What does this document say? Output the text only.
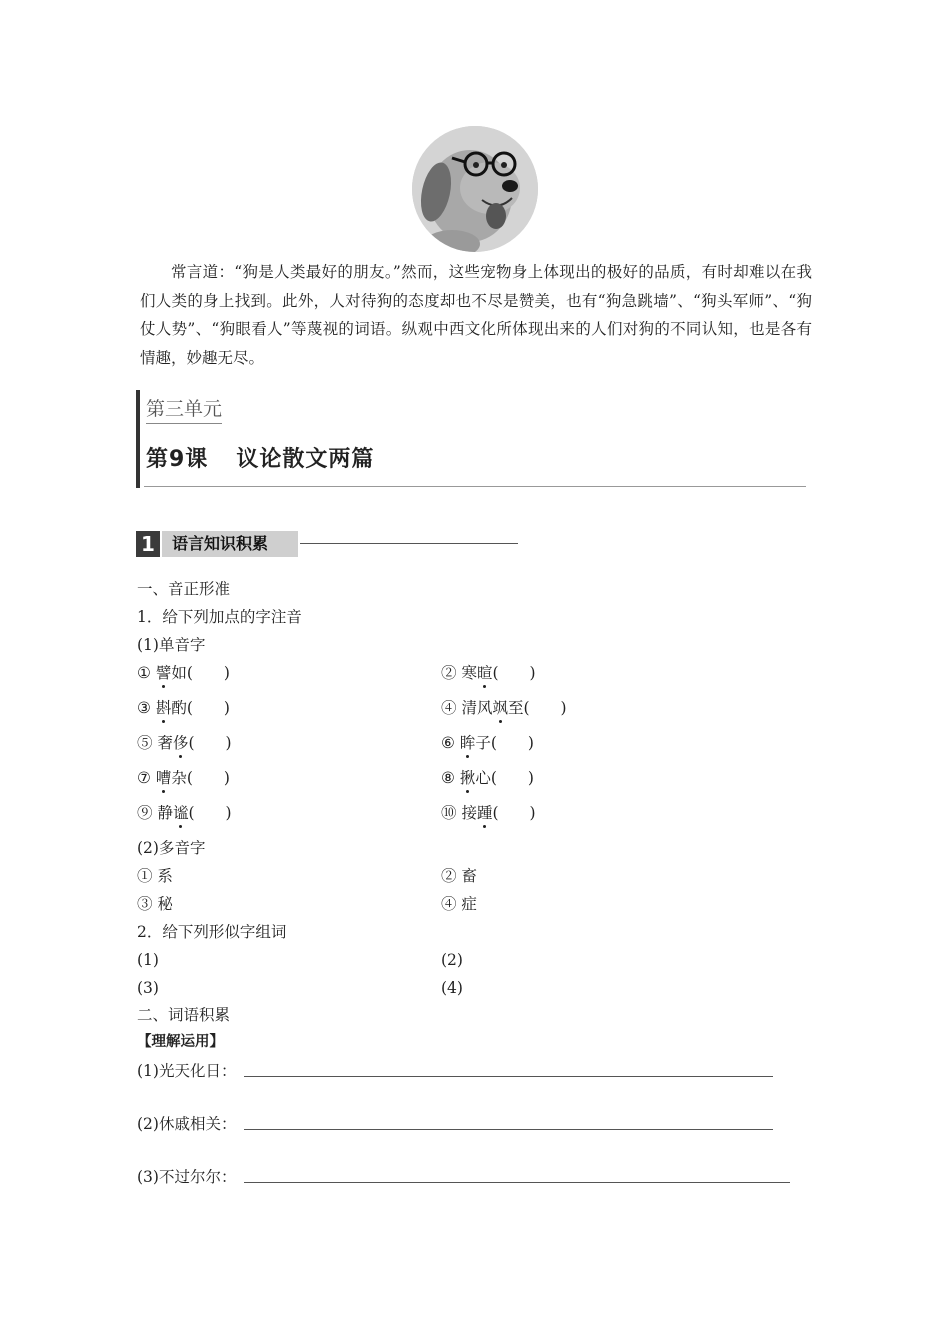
常言道：“狗是人类最好的朋友。”然而，这些宠物身上体现出的极好的品质，有时却难以在我们人类的身上找到。此外，人对待狗的态度却也不尽是赞美，也有“狗急跳墙”、“狗头军师”、“狗仗人势”、“狗眼看人”等蔑视的词语。纵观中西文化所体现出来的人们对狗的不同认知，也是各有情趣，妙趣无尽。

第三单元
第9课 议论散文两篇
1	语言知识积累
一、音正形准
1．给下列加点的字注音
(1)单音字
① 譬如(　　)	② 寒暄(　　)
③ 斟酌(　　)	④ 清风飒至(　　)
⑤ 奢侈(　　)	⑥ 眸子(　　)
⑦ 嘈杂(　　)	⑧ 揪心(　　)
⑨ 静谧(　　)	⑩ 接踵(　　)
(2)多音字
① 系	② 畜
③ 秘	④ 症
2．给下列形似字组词
(1)	(2)
(3)	(4)
二、词语积累
【理解运用】
(1)光天化日：
(2)休戚相关：
(3)不过尔尔：
